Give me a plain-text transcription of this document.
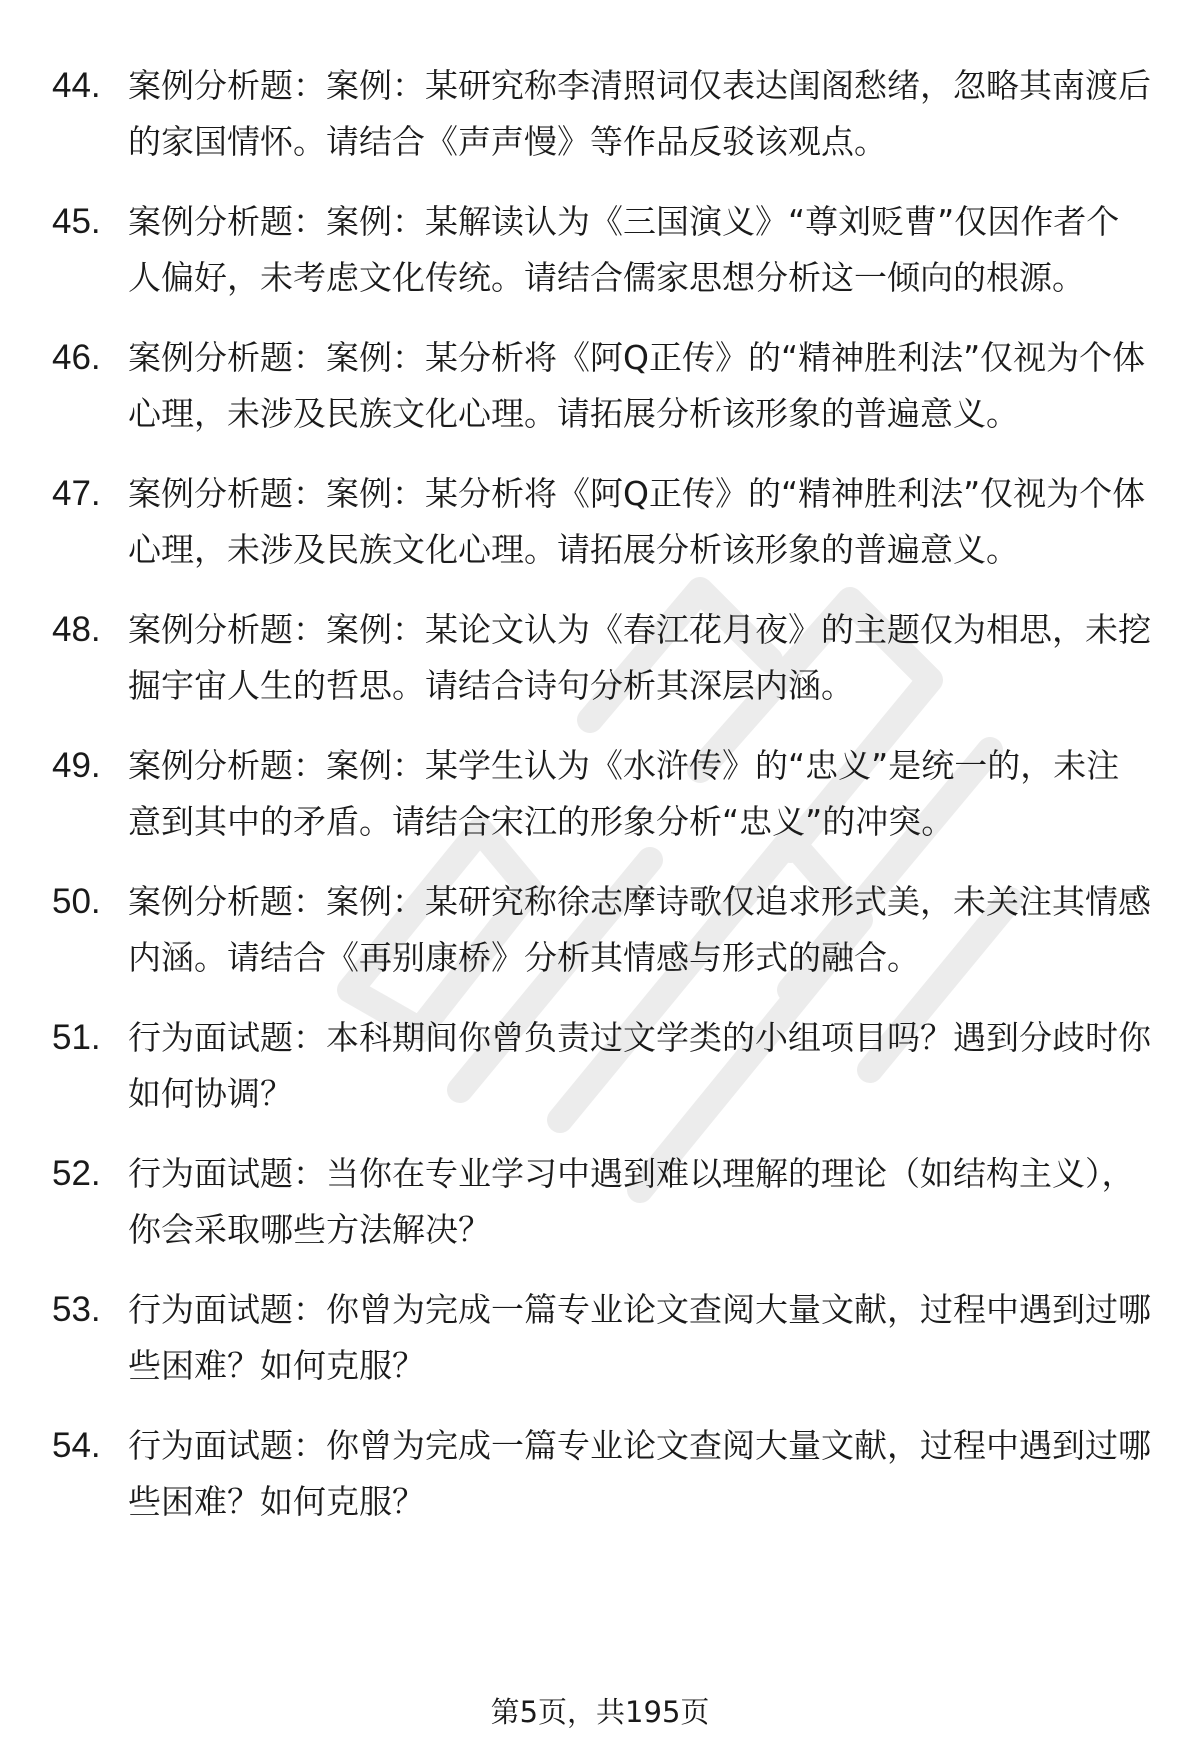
44. 案例分析题：案例：某研究称李清照词仅表达闺阁愁绪，忽略其南渡后的家国情怀。请结合《声声慢》等作品反驳该观点。
45. 案例分析题：案例：某解读认为《三国演义》“尊刘贬曹”仅因作者个人偏好，未考虑文化传统。请结合儒家思想分析这一倾向的根源。
46. 案例分析题：案例：某分析将《阿Q正传》的“精神胜利法”仅视为个体心理，未涉及民族文化心理。请拓展分析该形象的普遍意义。
47. 案例分析题：案例：某分析将《阿Q正传》的“精神胜利法”仅视为个体心理，未涉及民族文化心理。请拓展分析该形象的普遍意义。
48. 案例分析题：案例：某论文认为《春江花月夜》的主题仅为相思，未挖掘宇宙人生的哲思。请结合诗句分析其深层内涵。
49. 案例分析题：案例：某学生认为《水浒传》的“忠义”是统一的，未注意到其中的矛盾。请结合宋江的形象分析“忠义”的冲突。
50. 案例分析题：案例：某研究称徐志摩诗歌仅追求形式美，未关注其情感内涵。请结合《再别康桥》分析其情感与形式的融合。
51. 行为面试题：本科期间你曾负责过文学类的小组项目吗？遇到分歧时你如何协调？
52. 行为面试题：当你在专业学习中遇到难以理解的理论（如结构主义），你会采取哪些方法解决？
53. 行为面试题：你曾为完成一篇专业论文查阅大量文献，过程中遇到过哪些困难？如何克服？
54. 行为面试题：你曾为完成一篇专业论文查阅大量文献，过程中遇到过哪些困难？如何克服？
第5页，共195页
